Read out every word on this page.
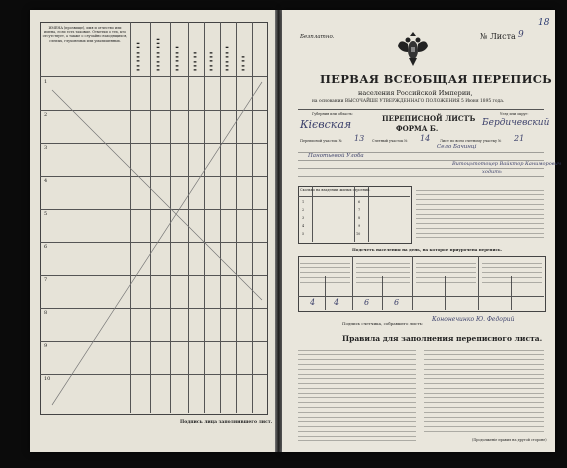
ИМЕНА (прозвище), имя и отчество или имена, если есть таковые. Отметки о тех, кто отсутствует, а также о случайно находящихся, слепых, глухонемых или умалишенных.
▬▬ ▬▬▬ ▬▬	▬▬▬ ▬▬ ▬▬▬	▬▬ ▬▬▬ ▬	▬▬▬ ▬▬	▬▬ ▬▬▬	▬▬▬ ▬▬ ▬	▬▬ ▬▬
1
2
3
4
5
6
7
8
9
10
Подпись лица заполнившего лист.
Безплатно.	№ Листа 9
18
ПЕРВАЯ ВСЕОБЩАЯ ПЕРЕПИСЬ
населения Российской Империи,
на основании ВЫСОЧАЙШЕ УТВЕРЖДЕННАГО ПОЛОЖЕНИЯ 5 Июня 1895 года.
Губерния или область:
Кієвская
Уезд или округ:
Бердичевский
ПЕРЕПИСНОЙ ЛИСТЪ
ФОРМА Б.
Переписной участок № 13 Счетный участок № 14	Лист по всем счетному участку № 21
Село Бачинці
Панотьевой Улоба
Витоцьтотоцер Вайктор Каниморович
ходить
Сколько на владении жилых строений.
1
2
3
4
5
6
7
8
9
10
Подсчетъ населения на день, на которое приурочена перепись.
4 4	6	6
Подпись счетчика, собравшего листъ:
Кононечинко Ю. Федорий
Правила для заполнения переписного листа.
(Продолженіе правил на другой стороне)
